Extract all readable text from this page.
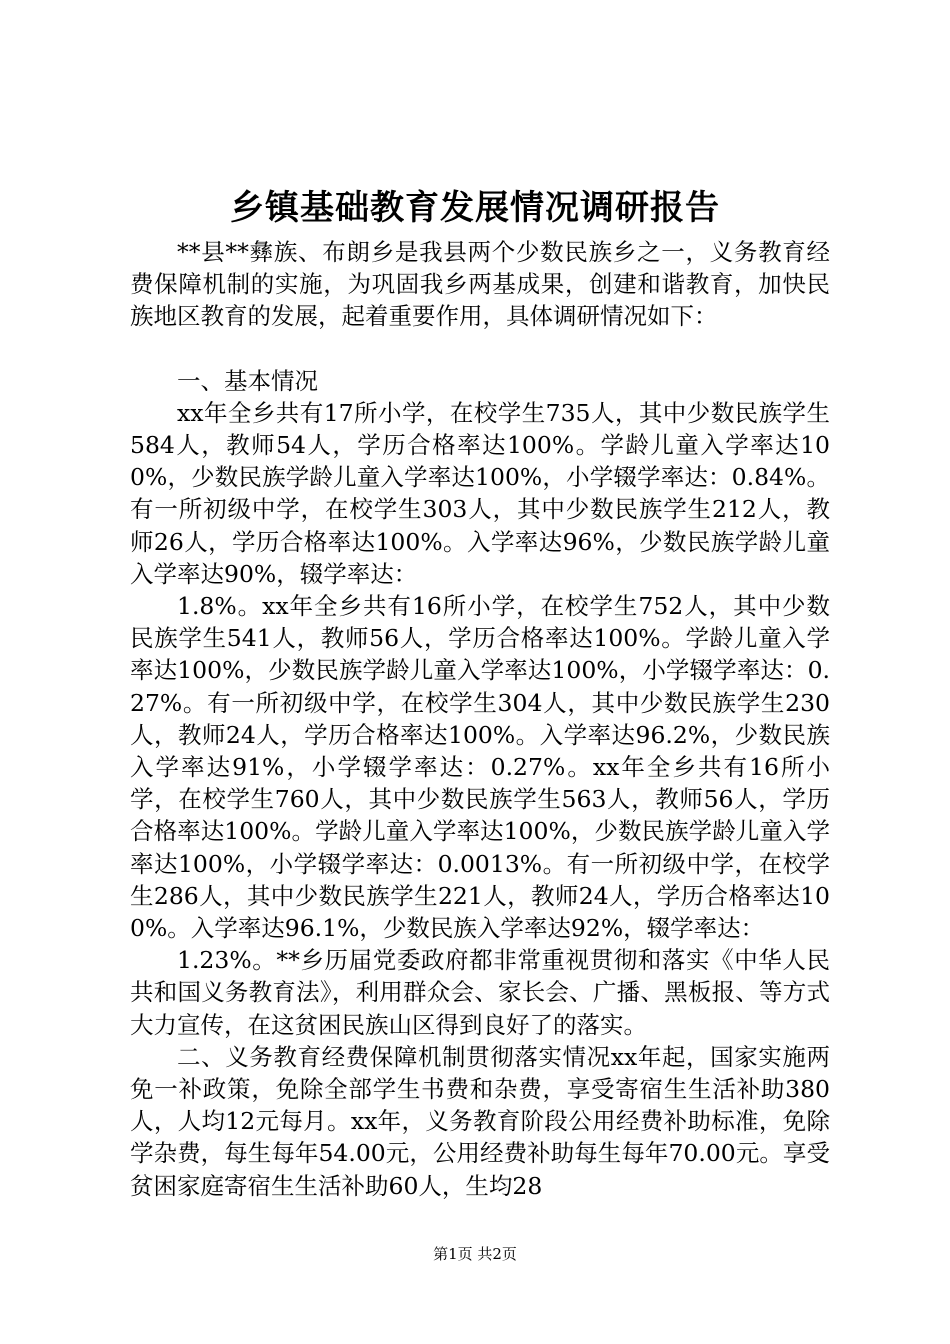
乡镇基础教育发展情况调研报告

**县**彝族、布朗乡是我县两个少数民族乡之一，义务教育经费保障机制的实施，为巩固我乡两基成果，创建和谐教育，加快民族地区教育的发展，起着重要作用，具体调研情况如下：

一、基本情况

xx年全乡共有17所小学，在校学生735人，其中少数民族学生584人，教师54人，学历合格率达100%。学龄儿童入学率达100%，少数民族学龄儿童入学率达100%，小学辍学率达：0.84%。有一所初级中学，在校学生303人，其中少数民族学生212人，教师26人，学历合格率达100%。入学率达96%，少数民族学龄儿童入学率达90%，辍学率达：

1.8%。xx年全乡共有16所小学，在校学生752人，其中少数民族学生541人，教师56人，学历合格率达100%。学龄儿童入学率达100%，少数民族学龄儿童入学率达100%，小学辍学率达：0.27%。有一所初级中学，在校学生304人，其中少数民族学生230人，教师24人，学历合格率达100%。入学率达96.2%，少数民族入学率达91%，小学辍学率达：0.27%。xx年全乡共有16所小学，在校学生760人，其中少数民族学生563人，教师56人，学历合格率达100%。学龄儿童入学率达100%，少数民族学龄儿童入学率达100%，小学辍学率达：0.0013%。有一所初级中学，在校学生286人，其中少数民族学生221人，教师24人，学历合格率达100%。入学率达96.1%，少数民族入学率达92%，辍学率达：

1.23%。**乡历届党委政府都非常重视贯彻和落实《中华人民共和国义务教育法》，利用群众会、家长会、广播、黑板报、等方式大力宣传，在这贫困民族山区得到良好了的落实。

二、义务教育经费保障机制贯彻落实情况xx年起，国家实施两免一补政策，免除全部学生书费和杂费，享受寄宿生生活补助380人，人均12元每月。xx年，义务教育阶段公用经费补助标准，免除学杂费，每生每年54.00元，公用经费补助每生每年70.00元。享受贫困家庭寄宿生生活补助60人，生均28

第1页 共2页
